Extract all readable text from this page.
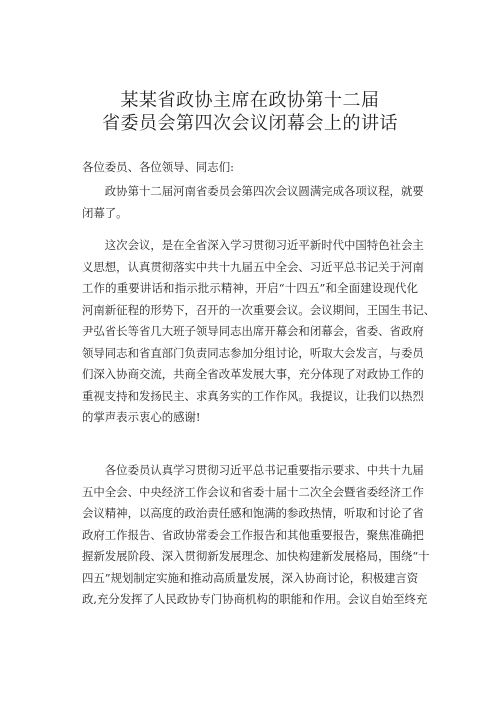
某某省政协主席在政协第十二届
省委员会第四次会议闭幕会上的讲话
各位委员、各位领导、同志们:
　　政协第十二届河南省委员会第四次会议圆满完成各项议程，就要
闭幕了。
　　这次会议，是在全省深入学习贯彻习近平新时代中国特色社会主
义思想，认真贯彻落实中共十九届五中全会、习近平总书记关于河南
工作的重要讲话和指示批示精神，开启“十四五”和全面建设现代化
河南新征程的形势下，召开的一次重要会议。会议期间，王国生书记、
尹弘省长等省几大班子领导同志出席开幕会和闭幕会，省委、省政府
领导同志和省直部门负责同志参加分组讨论，听取大会发言，与委员
们深入协商交流，共商全省改革发展大事，充分体现了对政协工作的
重视支持和发扬民主、求真务实的工作作风。我提议，让我们以热烈
的掌声表示衷心的感谢!
　　各位委员认真学习贯彻习近平总书记重要指示要求、中共十九届
五中全会、中央经济工作会议和省委十届十二次全会暨省委经济工作
会议精神，以高度的政治责任感和饱满的参政热情，听取和讨论了省
政府工作报告、省政协常委会工作报告和其他重要报告，聚焦准确把
握新发展阶段、深入贯彻新发展理念、加快构建新发展格局，围绕“十
四五”规划制定实施和推动高质量发展，深入协商讨论，积极建言资
政,充分发挥了人民政协专门协商机构的职能和作用。会议自始至终充
